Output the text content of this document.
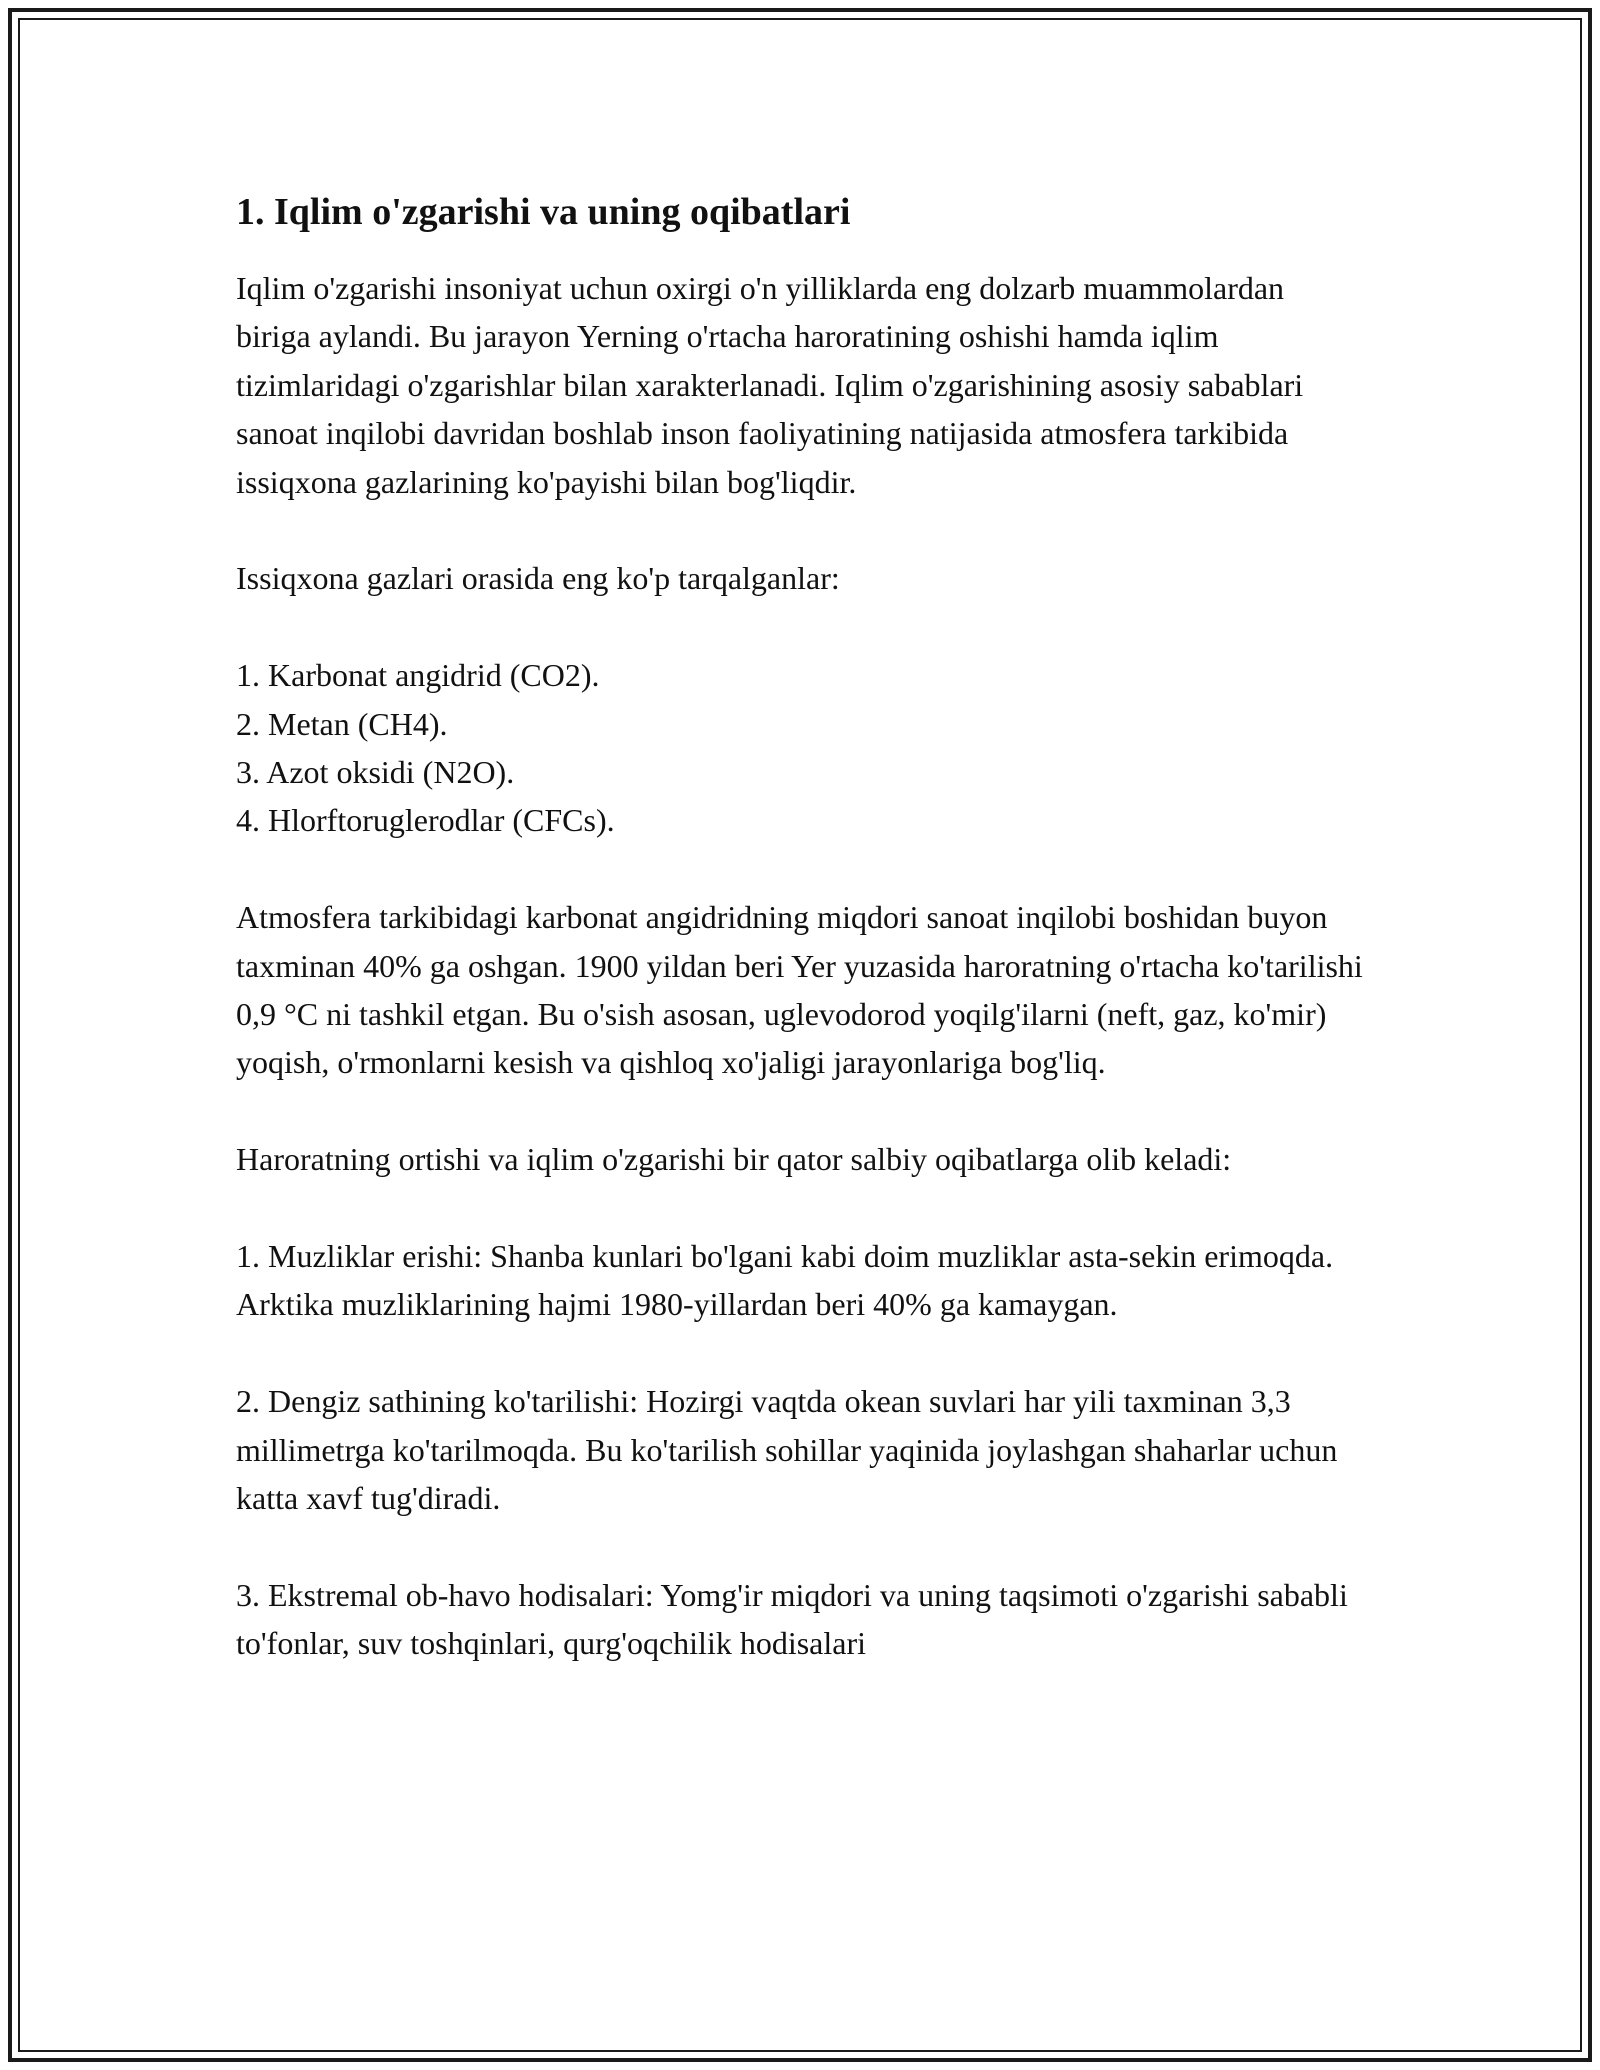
1. Iqlim o'zgarishi va uning oqibatlari

Iqlim o'zgarishi insoniyat uchun oxirgi o'n yilliklarda eng dolzarb muammolardan biriga aylandi. Bu jarayon Yerning o'rtacha haroratining oshishi hamda iqlim tizimlaridagi o'zgarishlar bilan xarakterlanadi. Iqlim o'zgarishining asosiy sabablari sanoat inqilobi davridan boshlab inson faoliyatining natijasida atmosfera tarkibida issiqxona gazlarining ko'payishi bilan bog'liqdir.

Issiqxona gazlari orasida eng ko'p tarqalganlar:

1. Karbonat angidrid (CO2).
2. Metan (CH4).
3. Azot oksidi (N2O).
4. Hlorftoruglerodlar (CFCs).

Atmosfera tarkibidagi karbonat angidridning miqdori sanoat inqilobi boshidan buyon taxminan 40% ga oshgan. 1900 yildan beri Yer yuzasida haroratning o'rtacha ko'tarilishi 0,9 °C ni tashkil etgan. Bu o'sish asosan, uglevodorod yoqilg'ilarni (neft, gaz, ko'mir) yoqish, o'rmonlarni kesish va qishloq xo'jaligi jarayonlariga bog'liq.

Haroratning ortishi va iqlim o'zgarishi bir qator salbiy oqibatlarga olib keladi:

1. Muzliklar erishi: Shanba kunlari bo'lgani kabi doim muzliklar asta-sekin erimoqda. Arktika muzliklarining hajmi 1980-yillardan beri 40% ga kamaygan.
2. Dengiz sathining ko'tarilishi: Hozirgi vaqtda okean suvlari har yili taxminan 3,3 millimetrga ko'tarilmoqda. Bu ko'tarilish sohillar yaqinida joylashgan shaharlar uchun katta xavf tug'diradi.
3. Ekstremal ob-havo hodisalari: Yomg'ir miqdori va uning taqsimoti o'zgarishi sababli to'fonlar, suv toshqinlari, qurg'oqchilik hodisalari
